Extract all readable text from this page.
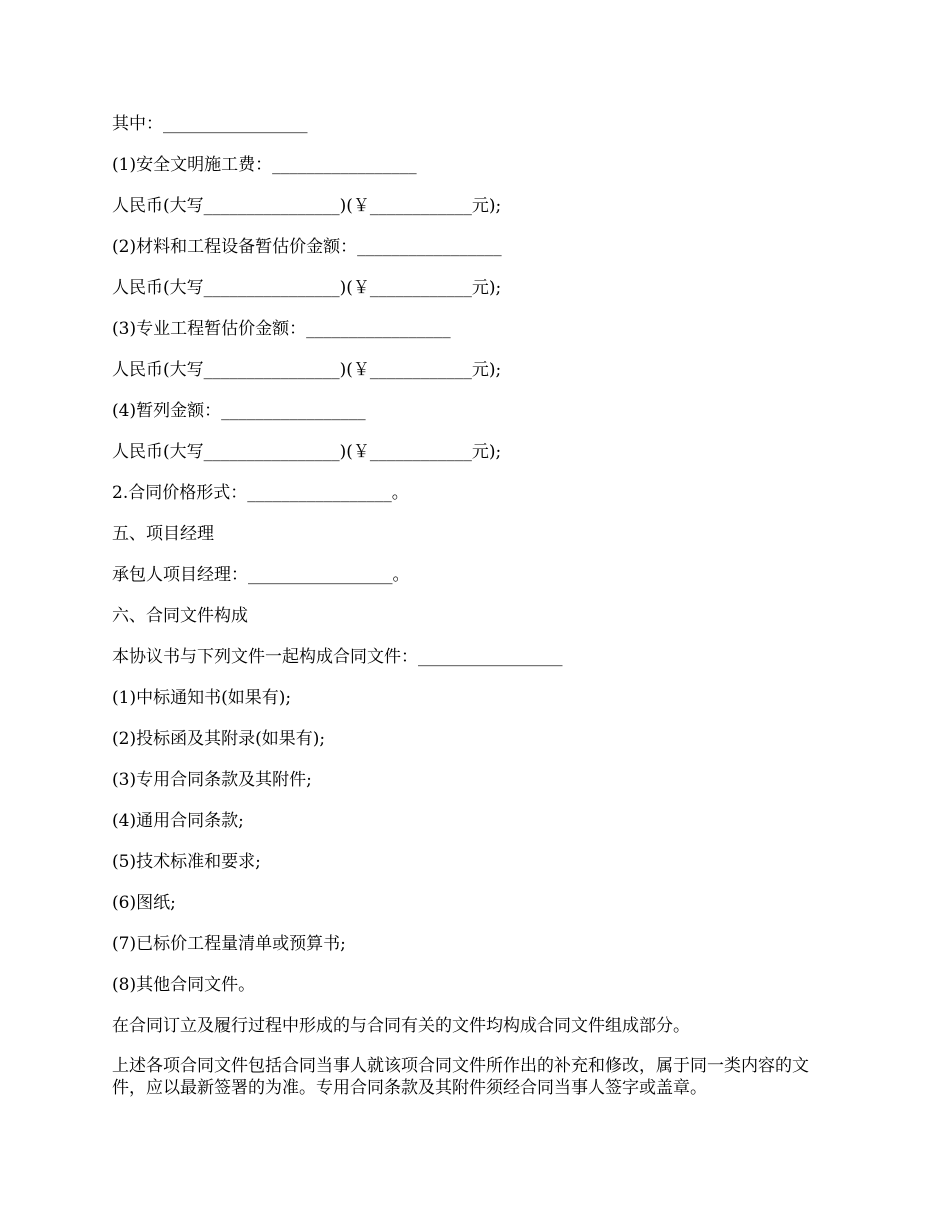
其中：_________________
(1)安全文明施工费：_________________
人民币(大写________________)(￥____________元);
(2)材料和工程设备暂估价金额：_________________
人民币(大写________________)(￥____________元);
(3)专业工程暂估价金额：_________________
人民币(大写________________)(￥____________元);
(4)暂列金额：_________________
人民币(大写________________)(￥____________元);
2.合同价格形式：_________________。
五、项目经理
承包人项目经理：_________________。
六、合同文件构成
本协议书与下列文件一起构成合同文件：_________________
(1)中标通知书(如果有);
(2)投标函及其附录(如果有);
(3)专用合同条款及其附件;
(4)通用合同条款;
(5)技术标准和要求;
(6)图纸;
(7)已标价工程量清单或预算书;
(8)其他合同文件。
在合同订立及履行过程中形成的与合同有关的文件均构成合同文件组成部分。
上述各项合同文件包括合同当事人就该项合同文件所作出的补充和修改，属于同一类内容的文件，应以最新签署的为准。专用合同条款及其附件须经合同当事人签字或盖章。
